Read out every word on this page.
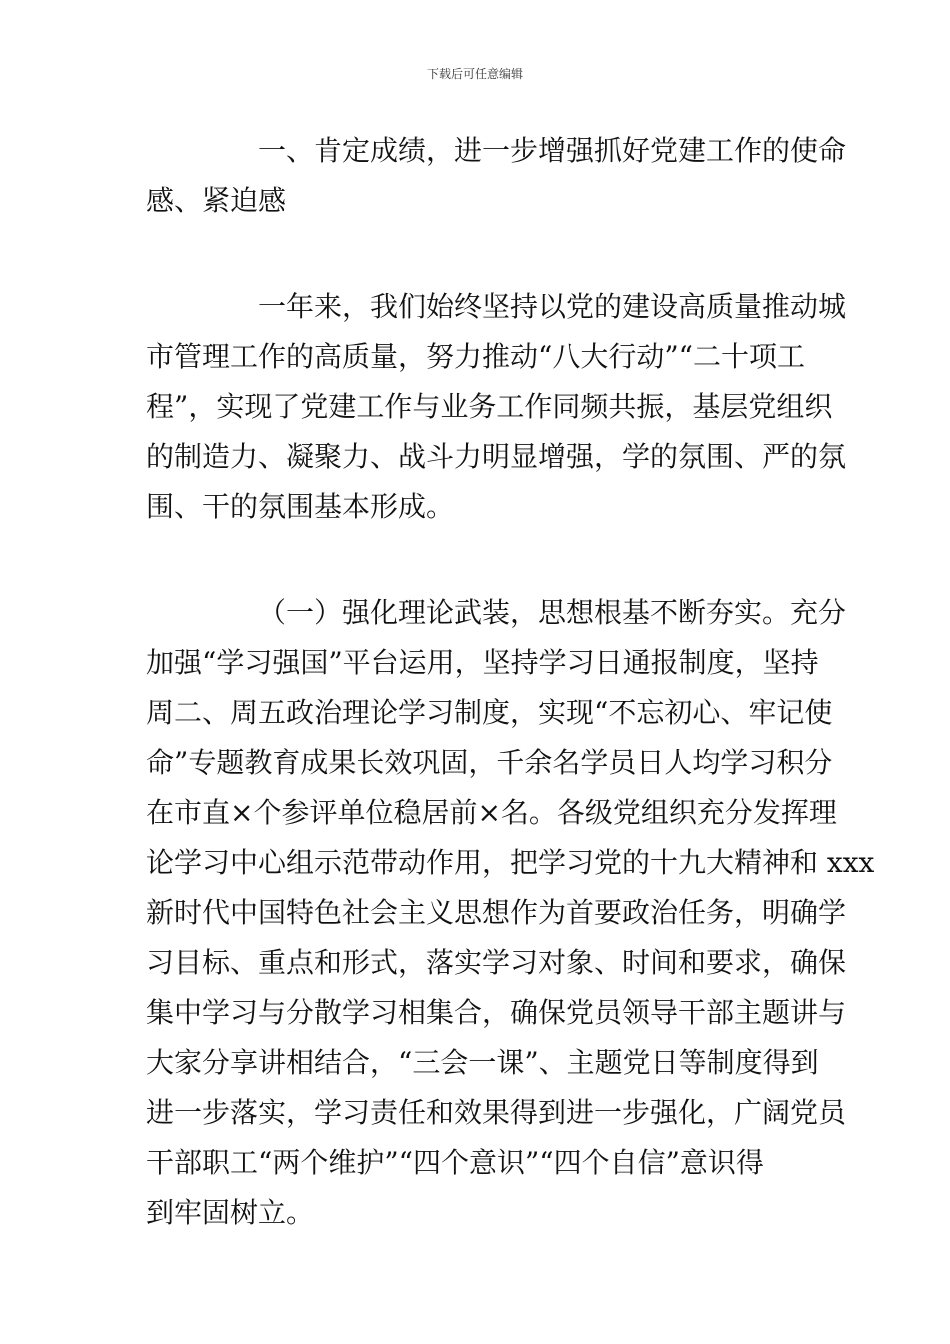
下载后可任意编辑
一、肯定成绩，进一步增强抓好党建工作的使命
感、紧迫感
一年来，我们始终坚持以党的建设高质量推动城
市管理工作的高质量，努力推动“八大行动”“二十项工
程”，实现了党建工作与业务工作同频共振，基层党组织
的制造力、凝聚力、战斗力明显增强，学的氛围、严的氛
围、干的氛围基本形成。
（一）强化理论武装，思想根基不断夯实。充分
加强“学习强国”平台运用，坚持学习日通报制度，坚持
周二、周五政治理论学习制度，实现“不忘初心、牢记使
命”专题教育成果长效巩固，千余名学员日人均学习积分
在市直×个参评单位稳居前×名。各级党组织充分发挥理
论学习中心组示范带动作用，把学习党的十九大精神和 xxx
新时代中国特色社会主义思想作为首要政治任务，明确学
习目标、重点和形式，落实学习对象、时间和要求，确保
集中学习与分散学习相集合，确保党员领导干部主题讲与
大家分享讲相结合，“三会一课”、主题党日等制度得到
进一步落实，学习责任和效果得到进一步强化，广阔党员
干部职工“两个维护”“四个意识”“四个自信”意识得
到牢固树立。
